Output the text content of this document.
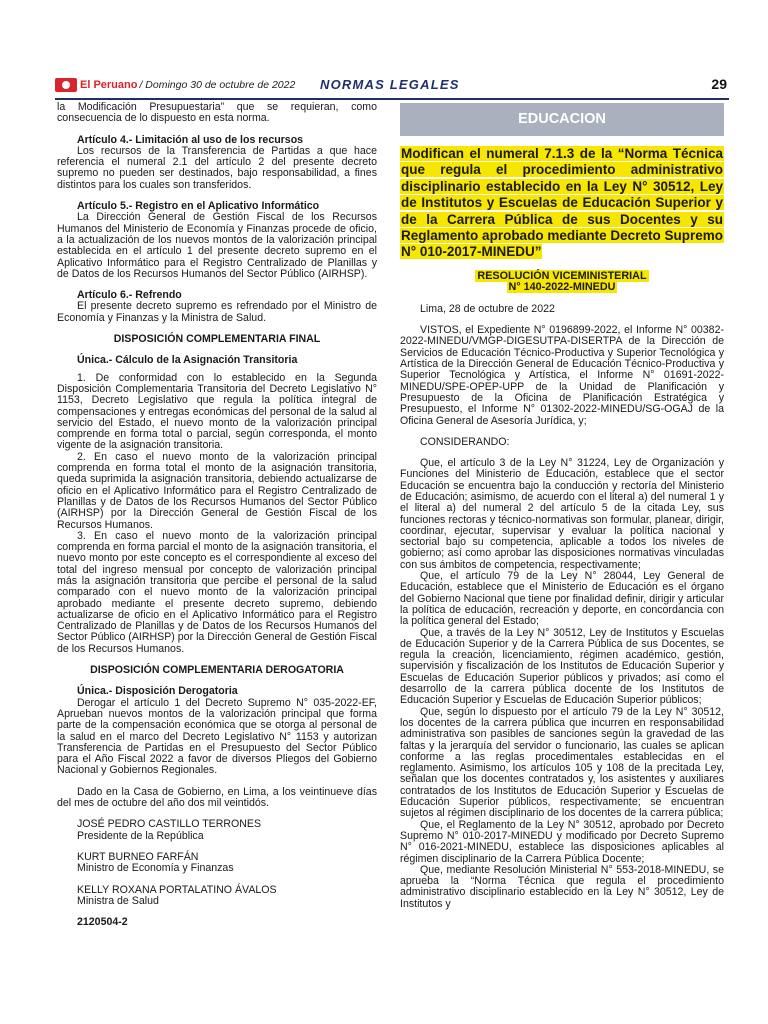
El Peruano / Domingo 30 de octubre de 2022 NORMAS LEGALES	29

la Modificación Presupuestaria” que se requieran, como consecuencia de lo dispuesto en esta norma.

Artículo 4.- Limitación al uso de los recursos

Los recursos de la Transferencia de Partidas a que hace referencia el numeral 2.1 del artículo 2 del presente decreto supremo no pueden ser destinados, bajo responsabilidad, a fines distintos para los cuales son transferidos.

Artículo 5.- Registro en el Aplicativo Informático

La Dirección General de Gestión Fiscal de los Recursos Humanos del Ministerio de Economía y Finanzas procede de oficio, a la actualización de los nuevos montos de la valorización principal establecida en el artículo 1 del presente decreto supremo en el Aplicativo Informático para el Registro Centralizado de Planillas y de Datos de los Recursos Humanos del Sector Público (AIRHSP).

Artículo 6.- Refrendo

El presente decreto supremo es refrendado por el Ministro de Economía y Finanzas y la Ministra de Salud.

DISPOSICIÓN COMPLEMENTARIA FINAL

Única.- Cálculo de la Asignación Transitoria

1. De conformidad con lo establecido en la Segunda Disposición Complementaria Transitoria del Decreto Legislativo N° 1153, Decreto Legislativo que regula la política integral de compensaciones y entregas económicas del personal de la salud al servicio del Estado, el nuevo monto de la valorización principal comprende en forma total o parcial, según corresponda, el monto vigente de la asignación transitoria.

2. En caso el nuevo monto de la valorización principal comprenda en forma total el monto de la asignación transitoria, queda suprimida la asignación transitoria, debiendo actualizarse de oficio en el Aplicativo Informático para el Registro Centralizado de Planillas y de Datos de los Recursos Humanos del Sector Público (AIRHSP) por la Dirección General de Gestión Fiscal de los Recursos Humanos.

3. En caso el nuevo monto de la valorización principal comprenda en forma parcial el monto de la asignación transitoria, el nuevo monto por este concepto es el correspondiente al exceso del total del ingreso mensual por concepto de valorización principal más la asignación transitoria que percibe el personal de la salud comparado con el nuevo monto de la valorización principal aprobado mediante el presente decreto supremo, debiendo actualizarse de oficio en el Aplicativo Informático para el Registro Centralizado de Planillas y de Datos de los Recursos Humanos del Sector Público (AIRHSP) por la Dirección General de Gestión Fiscal de los Recursos Humanos.

DISPOSICIÓN COMPLEMENTARIA DEROGATORIA

Única.- Disposición Derogatoria

Derogar el artículo 1 del Decreto Supremo N° 035-2022-EF, Aprueban nuevos montos de la valorización principal que forma parte de la compensación económica que se otorga al personal de la salud en el marco del Decreto Legislativo N° 1153 y autorizan Transferencia de Partidas en el Presupuesto del Sector Público para el Año Fiscal 2022 a favor de diversos Pliegos del Gobierno Nacional y Gobiernos Regionales.

Dado en la Casa de Gobierno, en Lima, a los veintinueve días del mes de octubre del año dos mil veintidós.

JOSÉ PEDRO CASTILLO TERRONES

Presidente de la República

KURT BURNEO FARFÁN

Ministro de Economía y Finanzas

KELLY ROXANA PORTALATINO ÁVALOS

Ministra de Salud

2120504-2

EDUCACION

Modifican el numeral 7.1.3 de la “Norma Técnica que regula el procedimiento administrativo disciplinario establecido en la Ley N° 30512, Ley de Institutos y Escuelas de Educación Superior y de la Carrera Pública de sus Docentes y su Reglamento aprobado mediante Decreto Supremo N° 010-2017-MINEDU”

RESOLUCIÓN VICEMINISTERIAL

N° 140-2022-MINEDU

Lima, 28 de octubre de 2022

VISTOS, el Expediente N° 0196899-2022, el Informe N° 00382-2022-MINEDU/VMGP-DIGESUTPA-DISERTPA de la Dirección de Servicios de Educación Técnico-Productiva y Superior Tecnológica y Artística de la Dirección General de Educación Técnico-Productiva y Superior Tecnológica y Artística, el Informe N° 01691-2022-MINEDU/SPE-OPEP-UPP de la Unidad de Planificación y Presupuesto de la Oficina de Planificación Estratégica y Presupuesto, el Informe N° 01302-2022-MINEDU/SG-OGAJ de la Oficina General de Asesoría Jurídica, y;

CONSIDERANDO:

Que, el artículo 3 de la Ley N° 31224, Ley de Organización y Funciones del Ministerio de Educación, establece que el sector Educación se encuentra bajo la conducción y rectoría del Ministerio de Educación; asimismo, de acuerdo con el literal a) del numeral 1 y el literal a) del numeral 2 del artículo 5 de la citada Ley, sus funciones rectoras y técnico-normativas son formular, planear, dirigir, coordinar, ejecutar, supervisar y evaluar la política nacional y sectorial bajo su competencia, aplicable a todos los niveles de gobierno; así como aprobar las disposiciones normativas vinculadas con sus ámbitos de competencia, respectivamente;

Que, el artículo 79 de la Ley N° 28044, Ley General de Educación, establece que el Ministerio de Educación es el órgano del Gobierno Nacional que tiene por finalidad definir, dirigir y articular la política de educación, recreación y deporte, en concordancia con la política general del Estado;

Que, a través de la Ley N° 30512, Ley de Institutos y Escuelas de Educación Superior y de la Carrera Pública de sus Docentes, se regula la creación, licenciamiento, régimen académico, gestión, supervisión y fiscalización de los Institutos de Educación Superior y Escuelas de Educación Superior públicos y privados; así como el desarrollo de la carrera pública docente de los Institutos de Educación Superior y Escuelas de Educación Superior públicos;

Que, según lo dispuesto por el artículo 79 de la Ley N° 30512, los docentes de la carrera pública que incurren en responsabilidad administrativa son pasibles de sanciones según la gravedad de las faltas y la jerarquía del servidor o funcionario, las cuales se aplican conforme a las reglas procedimentales establecidas en el reglamento. Asimismo, los artículos 105 y 108 de la precitada Ley, señalan que los docentes contratados y, los asistentes y auxiliares contratados de los Institutos de Educación Superior y Escuelas de Educación Superior públicos, respectivamente; se encuentran sujetos al régimen disciplinario de los docentes de la carrera pública;

Que, el Reglamento de la Ley N° 30512, aprobado por Decreto Supremo N° 010-2017-MINEDU y modificado por Decreto Supremo N° 016-2021-MINEDU, establece las disposiciones aplicables al régimen disciplinario de la Carrera Pública Docente;

Que, mediante Resolución Ministerial N° 553-2018-MINEDU, se aprueba la “Norma Técnica que regula el procedimiento administrativo disciplinario establecido en la Ley N° 30512, Ley de Institutos y
